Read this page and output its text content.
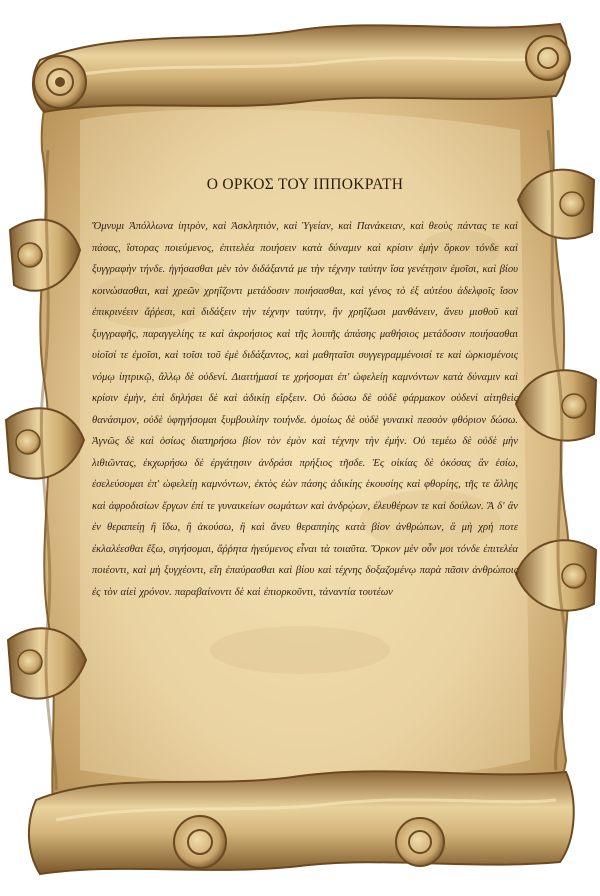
Ο ΟΡΚΟΣ ΤΟΥ ΙΠΠΟΚΡΑΤΗ

Ὄμνυμι Ἀπόλλωνα ἰητρὸν, καὶ Ἀσκληπιὸν, καὶ Ὑγείαν, καὶ Πανάκειαν, καὶ θεοὺς πάντας τε καὶ πάσας, ἵστορας ποιεύμενος, ἐπιτελέα ποιήσειν κατὰ δύναμιν καὶ κρίσιν ἐμὴν ὅρκον τόνδε καὶ ξυγγραφὴν τήνδε. ἡγήσασθαι μὲν τὸν διδάξαντά με τὴν τέχνην ταύτην ἴσα γενέτῃσιν ἐμοῖσι, καὶ βίου κοινώσασθαι, καὶ χρεῶν χρηΐζοντι μετάδοσιν ποιήσασθαι, καὶ γένος τὸ ἐξ αὐτέου ἀδελφοῖς ἴσον ἐπικρινέειν ἄῤῥεσι, καὶ διδάξειν τὴν τέχνην ταύτην, ἢν χρηΐζωσι μανθάνειν, ἄνευ μισθοῦ καὶ ξυγγραφῆς, παραγγελίης τε καὶ ἀκροήσιος καὶ τῆς λοιπῆς ἁπάσης μαθήσιος μετάδοσιν ποιήσασθαι υἱοῖσί τε ἐμοῖσι, καὶ τοῖσι τοῦ ἐμὲ διδάξαντος, καὶ μαθηταῖσι συγγεγραμμένοισί τε καὶ ὡρκισμένοις νόμῳ ἰητρικῷ, ἄλλῳ δὲ οὐδενί. Διαιτήμασί τε χρήσομαι ἐπ' ὠφελείῃ καμνόντων κατὰ δύναμιν καὶ κρίσιν ἐμὴν, ἐπὶ δηλήσει δὲ καὶ ἀδικίῃ εἴρξειν. Οὐ δώσω δὲ οὐδὲ φάρμακον οὐδενὶ αἰτηθεὶς θανάσιμον, οὐδὲ ὑφηγήσομαι ξυμβουλίην τοιήνδε. ὁμοίως δὲ οὐδὲ γυναικὶ πεσσὸν φθόριον δώσω. Ἁγνῶς δὲ καὶ ὁσίως διατηρήσω βίον τὸν ἐμὸν καὶ τέχνην τὴν ἐμήν. Οὐ τεμέω δὲ οὐδὲ μὴν λιθιῶντας, ἐκχωρήσω δὲ ἐργάτῃσιν ἀνδράσι πρήξιος τῆσδε. Ἐς οἰκίας δὲ ὁκόσας ἂν ἐσίω, ἐσελεύσομαι ἐπ' ὠφελείῃ καμνόντων, ἐκτὸς ἐὼν πάσης ἀδικίης ἑκουσίης καὶ φθορίης, τῆς τε ἄλλης καὶ ἀφροδισίων ἔργων ἐπί τε γυναικείων σωμάτων καὶ ἀνδρῴων, ἐλευθέρων τε καὶ δούλων. Ἃ δ' ἂν ἐν θεραπείῃ ἢ ἴδω, ἢ ἀκούσω, ἢ καὶ ἄνευ θεραπηίης κατὰ βίον ἀνθρώπων, ἃ μὴ χρή ποτε ἐκλαλέεσθαι ἔξω, σιγήσομαι, ἄῤῥητα ἡγεύμενος εἶναι τὰ τοιαῦτα. Ὅρκον μὲν οὖν μοι τόνδε ἐπιτελέα ποιέοντι, καὶ μὴ ξυγχέοντι, εἴη ἐπαύρασθαι καὶ βίου καὶ τέχνης δοξαζομένῳ παρὰ πᾶσιν ἀνθρώποις ἐς τὸν αἰεὶ χρόνον. παραβαίνοντι δὲ καὶ ἐπιορκοῦντι, τἀναντία τουτέων
